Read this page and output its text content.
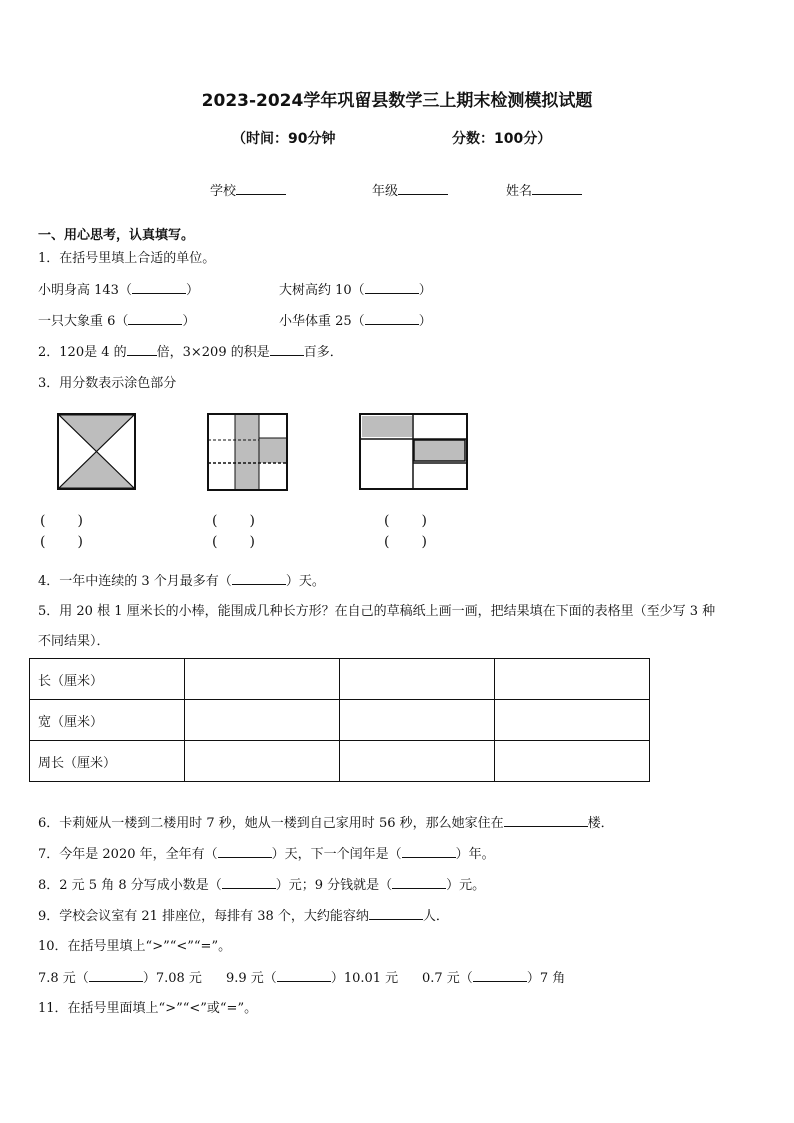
2023-2024学年巩留县数学三上期末检测模拟试题
（时间：90分钟	分数：100分）
学校	年级	姓名
一、用心思考，认真填写。
1．在括号里填上合适的单位。
小明身高 143（	）	大树高约 10（	）
一只大象重 6（	）	小华体重 25（	）
2．120是 4 的 倍，3×209 的积是	百多．
3．用分数表示涂色部分
( )
( )
( )
( )
( )
( )
4．一年中连续的 3 个月最多有（	）天。
5．用 20 根 1 厘米长的小棒，能围成几种长方形？在自己的草稿纸上画一画，把结果填在下面的表格里（至少写 3 种
不同结果）．
长（厘米）			
宽（厘米）			
周长（厘米）			
6．卡莉娅从一楼到二楼用时 7 秒，她从一楼到自己家用时 56 秒，那么她家住在	楼．
7．今年是 2020 年，全年有（	）天，下一个闰年是（	）年。
8．2 元 5 角 8 分写成小数是（	）元；9 分钱就是（	）元。
9．学校会议室有 21 排座位，每排有 38 个，大约能容纳	人．
10．在括号里填上“>”“<”“=”。
7.8 元（	）7.08 元 9.9 元（	）10.01 元 0.7 元（	）7 角
11．在括号里面填上“>”“<”或“=”。
